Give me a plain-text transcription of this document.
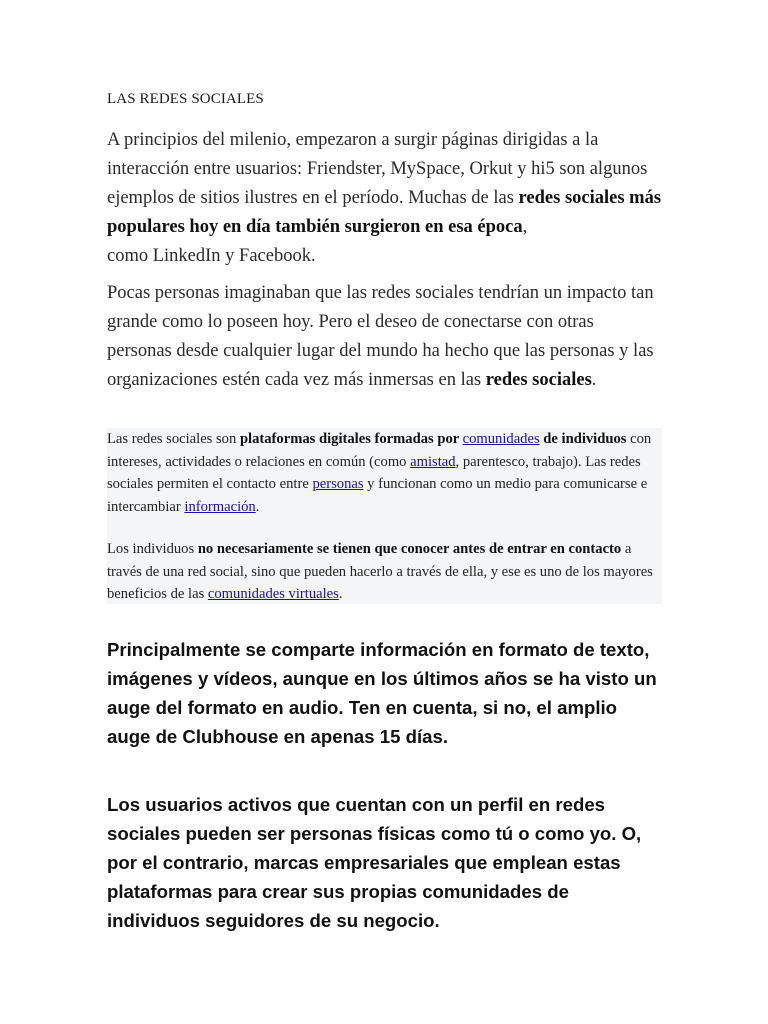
LAS REDES SOCIALES

A principios del milenio, empezaron a surgir páginas dirigidas a la interacción entre usuarios: Friendster, MySpace, Orkut y hi5 son algunos ejemplos de sitios ilustres en el período. Muchas de las redes sociales más populares hoy en día también surgieron en esa época,
como LinkedIn y Facebook.

Pocas personas imaginaban que las redes sociales tendrían un impacto tan grande como lo poseen hoy. Pero el deseo de conectarse con otras personas desde cualquier lugar del mundo ha hecho que las personas y las organizaciones estén cada vez más inmersas en las redes sociales.

Las redes sociales son plataformas digitales formadas por comunidades de individuos con intereses, actividades o relaciones en común (como amistad, parentesco, trabajo). Las redes sociales permiten el contacto entre personas y funcionan como un medio para comunicarse e intercambiar información.

Los individuos no necesariamente se tienen que conocer antes de entrar en contacto a través de una red social, sino que pueden hacerlo a través de ella, y ese es uno de los mayores beneficios de las comunidades virtuales.

Principalmente se comparte información en formato de texto, imágenes y vídeos, aunque en los últimos años se ha visto un auge del formato en audio. Ten en cuenta, si no, el amplio auge de Clubhouse en apenas 15 días.

Los usuarios activos que cuentan con un perfil en redes sociales pueden ser personas físicas como tú o como yo. O, por el contrario, marcas empresariales que emplean estas plataformas para crear sus propias comunidades de individuos seguidores de su negocio.
